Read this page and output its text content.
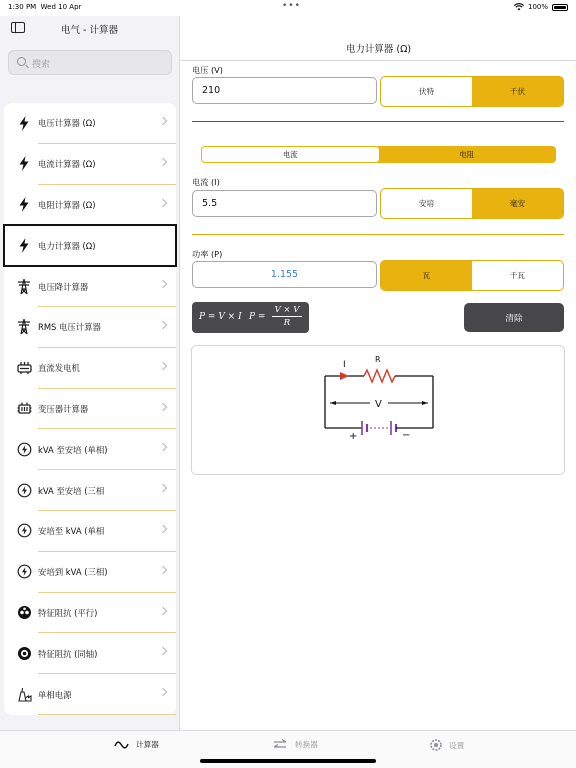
1:30 PM Wed 10 Apr	•••	100%
电气 - 计算器
搜索
电压计算器 (Ω)
电流计算器 (Ω)
电阻计算器 (Ω)
电力计算器 (Ω)
电压降计算器
RMS 电压计算器
直流发电机
变压器计算器
kVA 至安培 (单相)
kVA 至安培 (三相
安培至 kVA (单相
安培到 kVA (三相)
特征阻抗 (平行)
特征阻抗 (同轴)
单相电源
电力计算器 (Ω)
电压 (V)
210	伏特	千伏
电流	电阻
电流 (I)
5.5	安培	毫安
功率 (P)
1.155	瓦	千瓦
P = V × I $P = \frac{V \times V}{R}$	清除
I
R
V
+	−
计算器	转换器	设置
